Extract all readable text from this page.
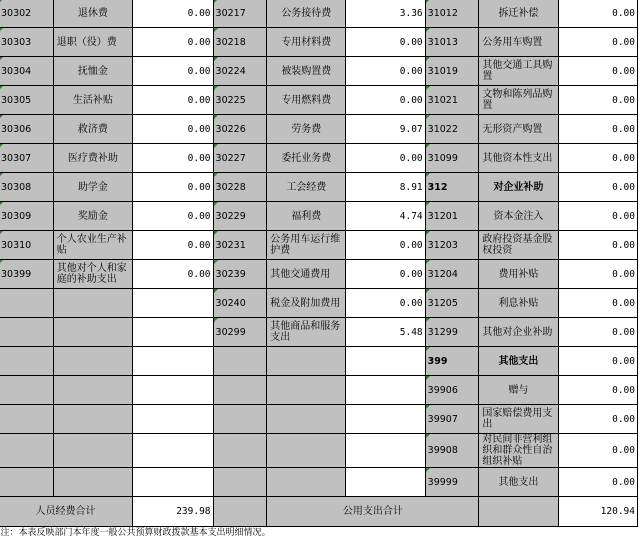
30302	退休费	0.00	30217	公务接待费	3.36	31012	拆迁补偿	0.00
30303	退职（役）费	0.00	30218	专用材料费	0.00	31013	公务用车购置	0.00
30304	抚恤金	0.00	30224	被装购置费	0.00	31019	其他交通工具购置	0.00
30305	生活补贴	0.00	30225	专用燃料费	0.00	31021	文物和陈列品购置	0.00
30306	救济费	0.00	30226	劳务费	9.07	31022	无形资产购置	0.00
30307	医疗费补助	0.00	30227	委托业务费	0.00	31099	其他资本性支出	0.00
30308	助学金	0.00	30228	工会经费	8.91	312	对企业补助	0.00
30309	奖励金	0.00	30229	福利费	4.74	31201	资本金注入	0.00
30310	个人农业生产补贴	0.00	30231	公务用车运行维护费	0.00	31203	政府投资基金股权投资	0.00
30399	其他对个人和家庭的补助支出	0.00	30239	其他交通费用	0.00	31204	费用补贴	0.00
			30240	税金及附加费用	0.00	31205	利息补贴	0.00
			30299	其他商品和服务支出	5.48	31299	其他对企业补助	0.00
						399	其他支出	0.00
						39906	赠与	0.00
						39907	国家赔偿费用支出	0.00
						39908	对民间非营利组织和群众性自治组织补贴	0.00
						39999	其他支出	0.00
人员经费合计		239.98		公用支出合计				120.94
注：本表反映部门本年度一般公共预算财政拨款基本支出明细情况。								
